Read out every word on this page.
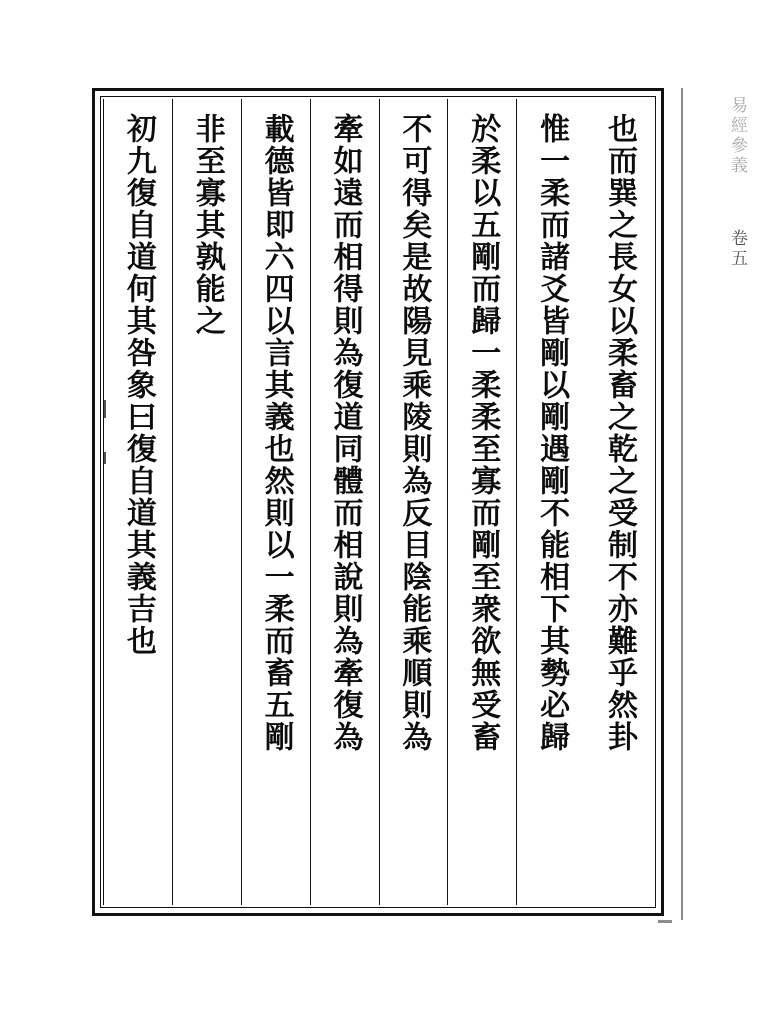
易經參義 卷五
也而巽之長女以柔畜之乾之受制不亦難乎然卦
惟一柔而諸爻皆剛以剛遇剛不能相下其勢必歸
於柔以五剛而歸一柔柔至寡而剛至衆欲無受畜
不可得矣是故陽見乘陵則為反目陰能乘順則為
牽如遠而相得則為復道同體而相說則為牽復為
載德皆即六四以言其義也然則以一柔而畜五剛
非至寡其孰能之
初九復自道何其咎象曰復自道其義吉也
